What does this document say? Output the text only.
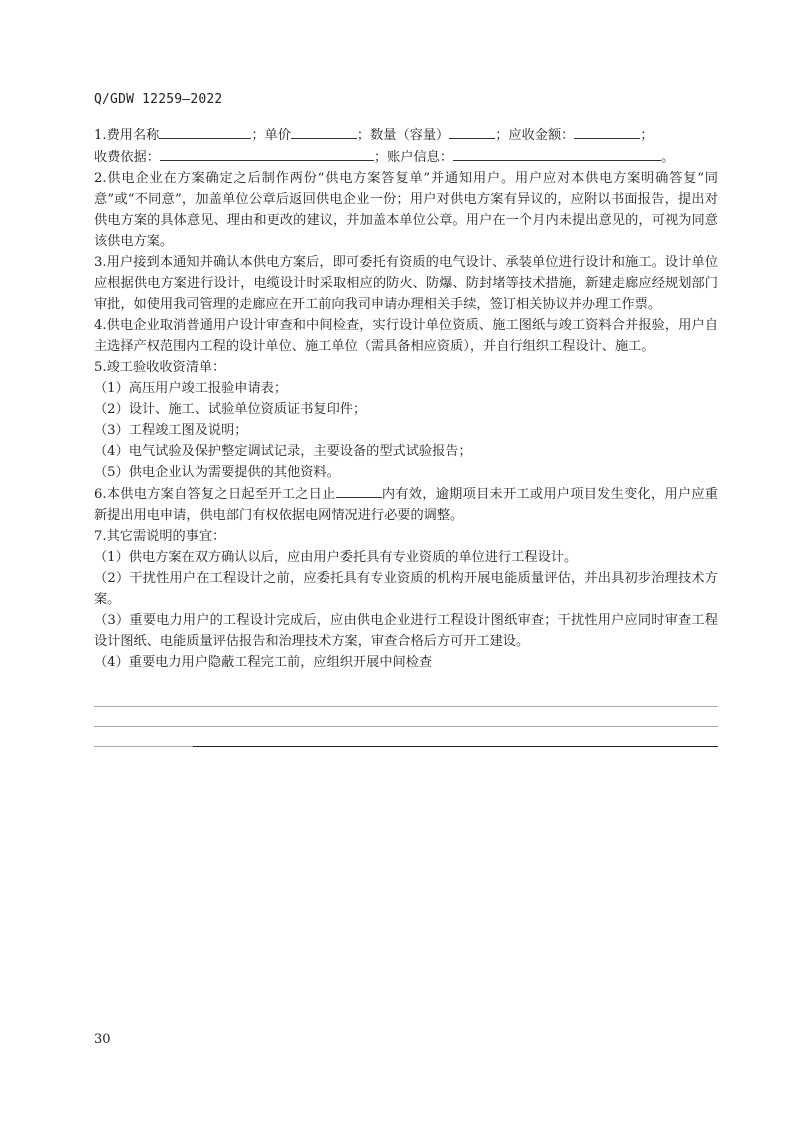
Q/GDW 12259—2022

1.费用名称	；单价	；数量（容量）	；应收金额：	；

收费依据：	；账户信息：	。

2.供电企业在方案确定之后制作两份“供电方案答复单”并通知用户。用户应对本供电方案明确答复“同意”或“不同意”，加盖单位公章后返回供电企业一份；用户对供电方案有异议的，应附以书面报告，提出对供电方案的具体意见、理由和更改的建议，并加盖本单位公章。用户在一个月内未提出意见的，可视为同意该供电方案。

3.用户接到本通知并确认本供电方案后，即可委托有资质的电气设计、承装单位进行设计和施工。设计单位应根据供电方案进行设计，电缆设计时采取相应的防火、防爆、防封堵等技术措施，新建走廊应经规划部门审批，如使用我司管理的走廊应在开工前向我司申请办理相关手续，签订相关协议并办理工作票。

4.供电企业取消普通用户设计审查和中间检查，实行设计单位资质、施工图纸与竣工资料合并报验，用户自主选择产权范围内工程的设计单位、施工单位（需具备相应资质），并自行组织工程设计、施工。

5.竣工验收收资清单：

（1）高压用户竣工报验申请表；

（2）设计、施工、试验单位资质证书复印件；

（3）工程竣工图及说明；

（4）电气试验及保护整定调试记录，主要设备的型式试验报告；

（5）供电企业认为需要提供的其他资料。

6.本供电方案自答复之日起至开工之日止	内有效，逾期项目未开工或用户项目发生变化，用户应重新提出用电申请，供电部门有权依据电网情况进行必要的调整。

7.其它需说明的事宜：

（1）供电方案在双方确认以后，应由用户委托具有专业资质的单位进行工程设计。

（2）干扰性用户在工程设计之前，应委托具有专业资质的机构开展电能质量评估，并出具初步治理技术方案。

（3）重要电力用户的工程设计完成后，应由供电企业进行工程设计图纸审查；干扰性用户应同时审查工程设计图纸、电能质量评估报告和治理技术方案，审查合格后方可开工建设。

（4）重要电力用户隐蔽工程完工前，应组织开展中间检查

30
